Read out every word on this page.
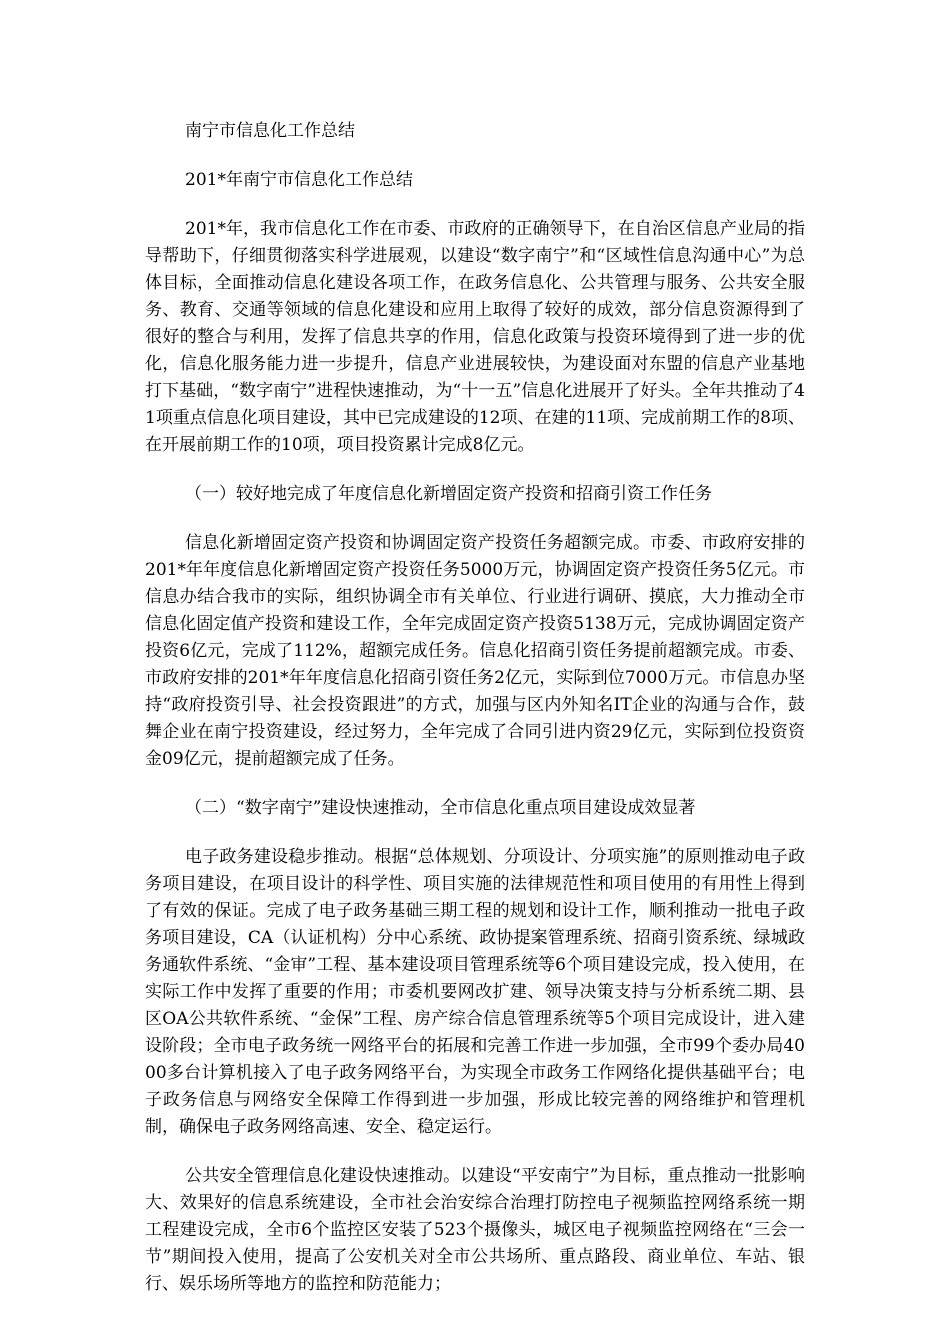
南宁市信息化工作总结

201*年南宁市信息化工作总结

201*年，我市信息化工作在市委、市政府的正确领导下，在自治区信息产业局的指导帮助下，仔细贯彻落实科学进展观，以建设“数字南宁”和“区域性信息沟通中心”为总体目标，全面推动信息化建设各项工作，在政务信息化、公共管理与服务、公共安全服务、教育、交通等领域的信息化建设和应用上取得了较好的成效，部分信息资源得到了很好的整合与利用，发挥了信息共享的作用，信息化政策与投资环境得到了进一步的优化，信息化服务能力进一步提升，信息产业进展较快，为建设面对东盟的信息产业基地打下基础，“数字南宁”进程快速推动，为“十一五”信息化进展开了好头。全年共推动了41项重点信息化项目建设，其中已完成建设的12项、在建的11项、完成前期工作的8项、在开展前期工作的10项，项目投资累计完成8亿元。

（一）较好地完成了年度信息化新增固定资产投资和招商引资工作任务

信息化新增固定资产投资和协调固定资产投资任务超额完成。市委、市政府安排的201*年年度信息化新增固定资产投资任务5000万元，协调固定资产投资任务5亿元。市信息办结合我市的实际，组织协调全市有关单位、行业进行调研、摸底，大力推动全市信息化固定值产投资和建设工作，全年完成固定资产投资5138万元，完成协调固定资产投资6亿元，完成了112%，超额完成任务。信息化招商引资任务提前超额完成。市委、市政府安排的201*年年度信息化招商引资任务2亿元，实际到位7000万元。市信息办坚持“政府投资引导、社会投资跟进”的方式，加强与区内外知名IT企业的沟通与合作，鼓舞企业在南宁投资建设，经过努力，全年完成了合同引进内资29亿元，实际到位投资资金09亿元，提前超额完成了任务。

（二）“数字南宁”建设快速推动，全市信息化重点项目建设成效显著

电子政务建设稳步推动。根据“总体规划、分项设计、分项实施”的原则推动电子政务项目建设，在项目设计的科学性、项目实施的法律规范性和项目使用的有用性上得到了有效的保证。完成了电子政务基础三期工程的规划和设计工作，顺利推动一批电子政务项目建设，CA（认证机构）分中心系统、政协提案管理系统、招商引资系统、绿城政务通软件系统、“金审”工程、基本建设项目管理系统等6个项目建设完成，投入使用，在实际工作中发挥了重要的作用；市委机要网改扩建、领导决策支持与分析系统二期、县区OA公共软件系统、“金保”工程、房产综合信息管理系统等5个项目完成设计，进入建设阶段；全市电子政务统一网络平台的拓展和完善工作进一步加强，全市99个委办局4000多台计算机接入了电子政务网络平台，为实现全市政务工作网络化提供基础平台；电子政务信息与网络安全保障工作得到进一步加强，形成比较完善的网络维护和管理机制，确保电子政务网络高速、安全、稳定运行。

公共安全管理信息化建设快速推动。以建设“平安南宁”为目标，重点推动一批影响大、效果好的信息系统建设，全市社会治安综合治理打防控电子视频监控网络系统一期工程建设完成，全市6个监控区安装了523个摄像头，城区电子视频监控网络在“三会一节”期间投入使用，提高了公安机关对全市公共场所、重点路段、商业单位、车站、银行、娱乐场所等地方的监控和防范能力；
